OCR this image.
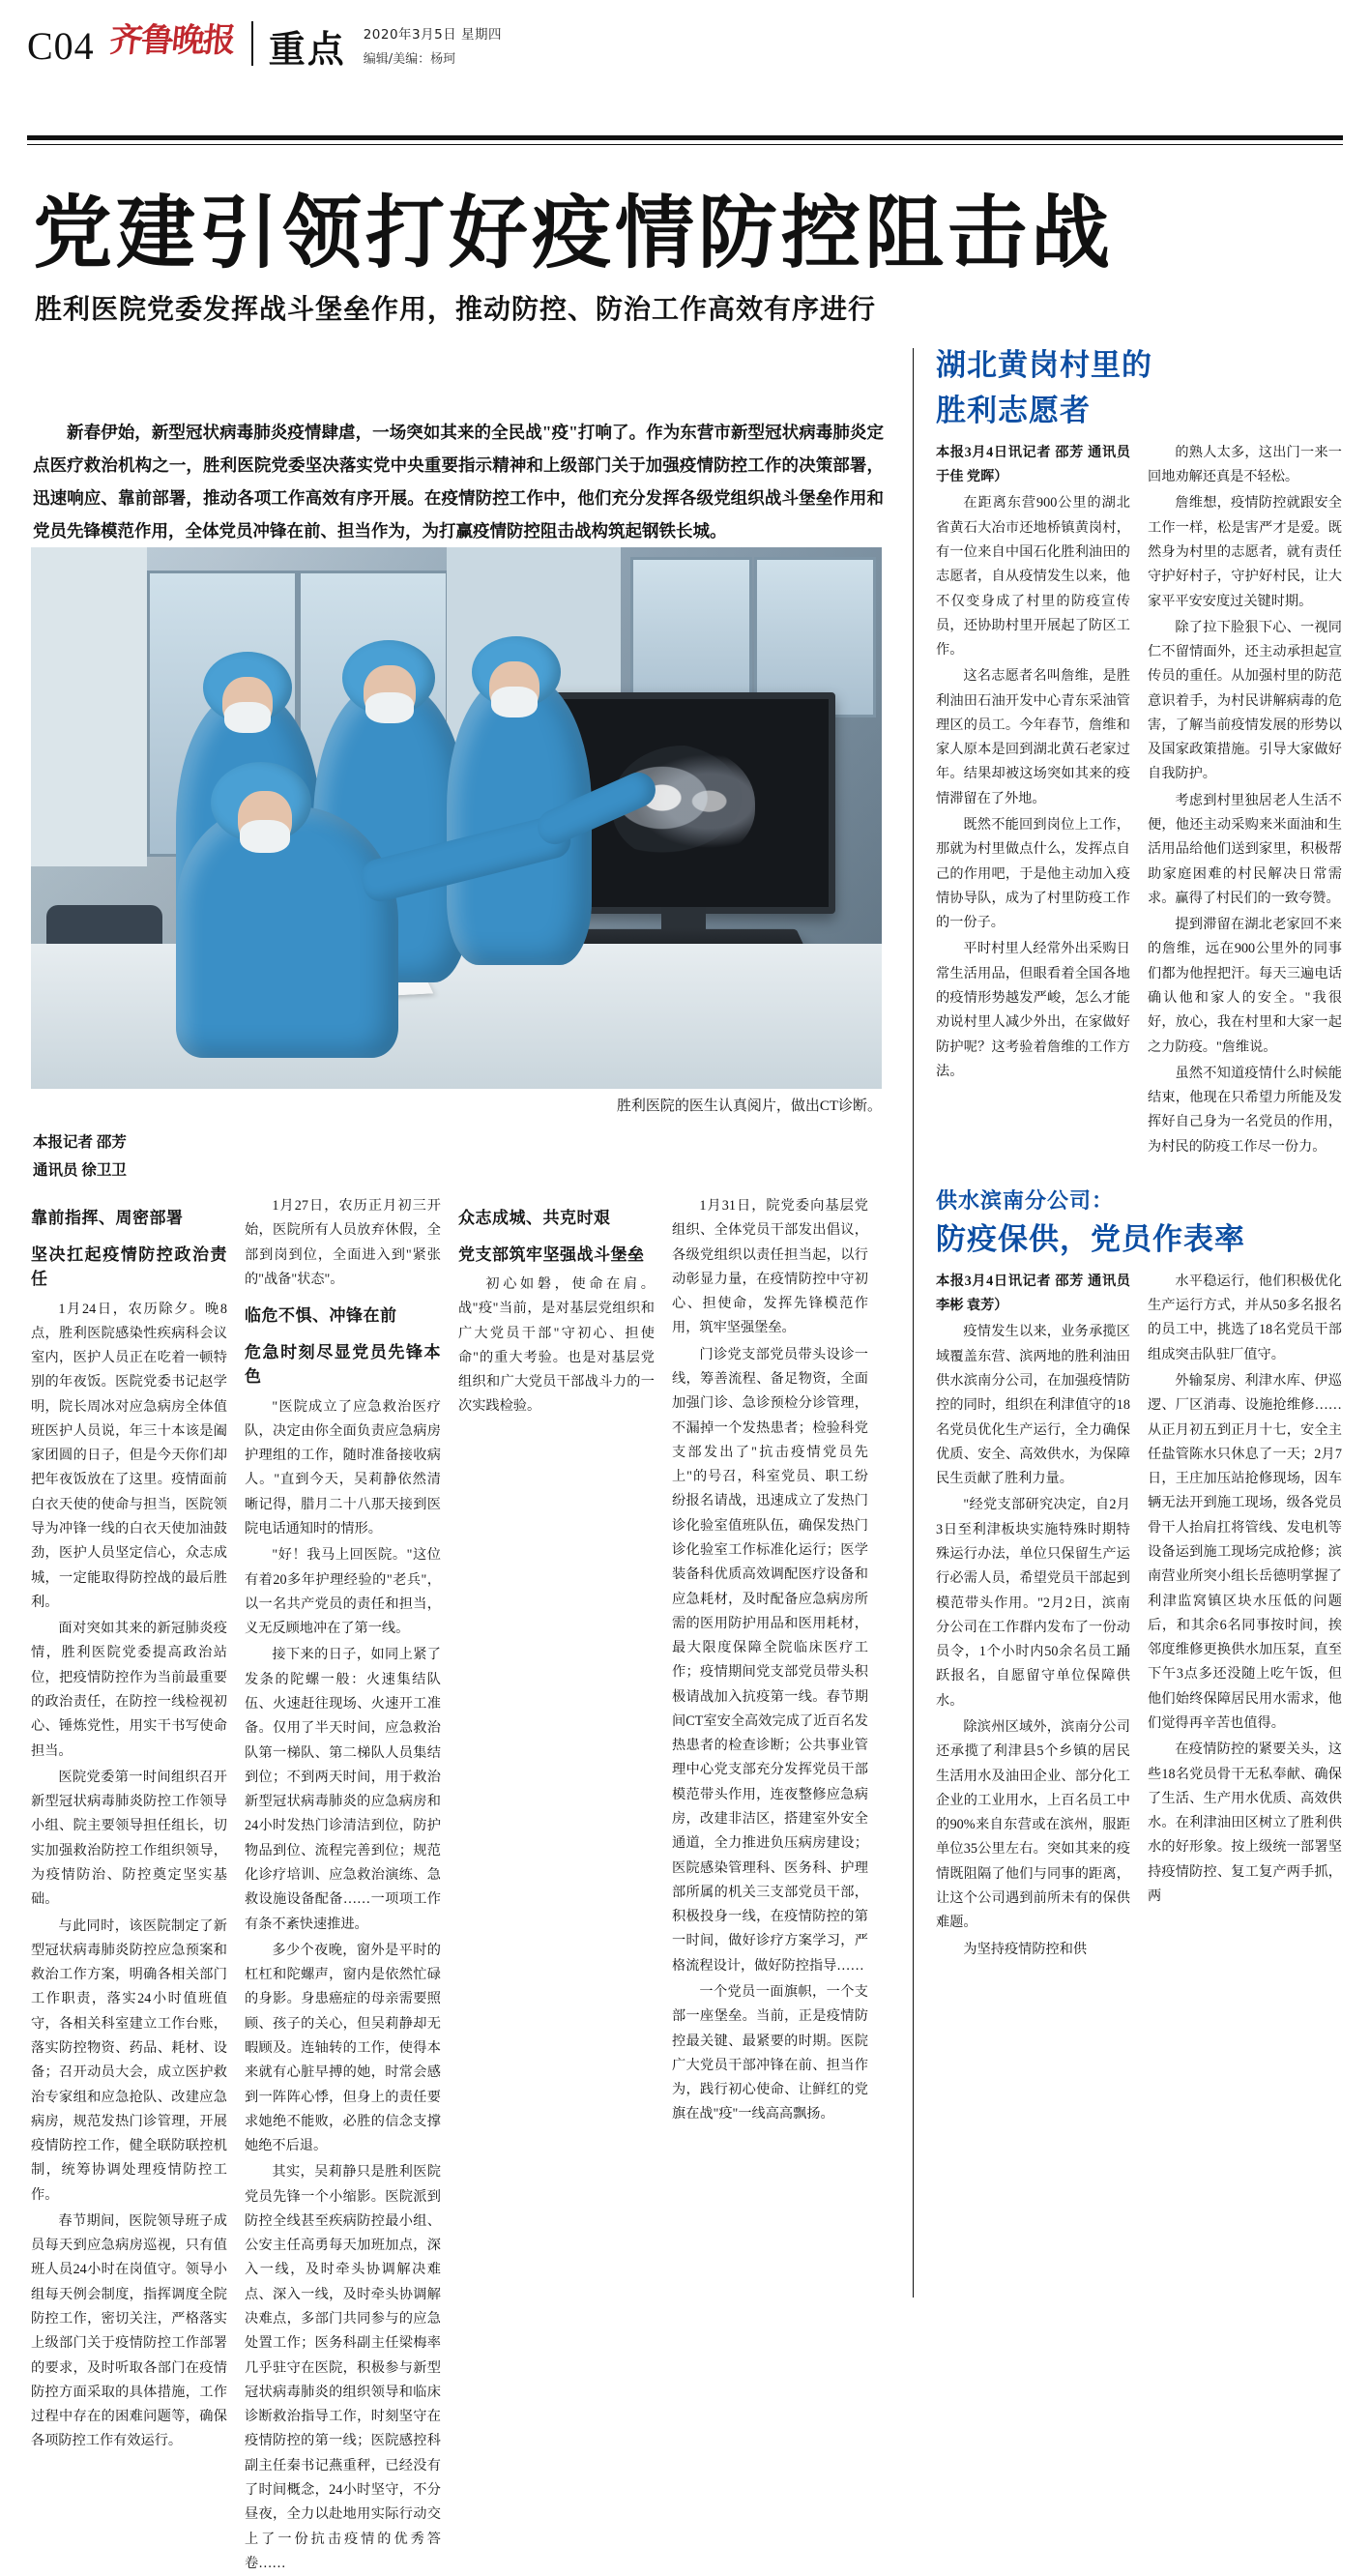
C04 齐鲁晚报 重点 2020年3月5日 星期四
编辑/美编：杨珂
党建引领打好疫情防控阻击战
胜利医院党委发挥战斗堡垒作用，推动防控、防治工作高效有序进行
新春伊始，新型冠状病毒肺炎疫情肆虐，一场突如其来的全民战"疫"打响了。作为东营市新型冠状病毒肺炎定点医疗救治机构之一，胜利医院党委坚决落实党中央重要指示精神和上级部门关于加强疫情防控工作的决策部署，迅速响应、靠前部署，推动各项工作高效有序开展。在疫情防控工作中，他们充分发挥各级党组织战斗堡垒作用和党员先锋模范作用，全体党员冲锋在前、担当作为，为打赢疫情防控阻击战构筑起钢铁长城。
胜利医院的医生认真阅片，做出CT诊断。
本报记者 邵芳
通讯员 徐卫卫
靠前指挥、周密部署
坚决扛起疫情防控政治责任

1月24日，农历除夕。晚8点，胜利医院感染性疾病科会议室内，医护人员正在吃着一顿特别的年夜饭。医院党委书记赵学明，院长周冰对应急病房全体值班医护人员说，年三十本该是阖家团圆的日子，但是今天你们却把年夜饭放在了这里。疫情面前白衣天使的使命与担当，医院领导为冲锋一线的白衣天使加油鼓劲，医护人员坚定信心，众志成城，一定能取得防控战的最后胜利。

面对突如其来的新冠肺炎疫情，胜利医院党委提高政治站位，把疫情防控作为当前最重要的政治责任，在防控一线检视初心、锤炼党性，用实干书写使命担当。

医院党委第一时间组织召开新型冠状病毒肺炎防控工作领导小组、院主要领导担任组长，切实加强救治防控工作组织领导，为疫情防治、防控奠定坚实基础。

与此同时，该医院制定了新型冠状病毒肺炎防控应急预案和救治工作方案，明确各相关部门工作职责，落实24小时值班值守，各相关科室建立工作台账，落实防控物资、药品、耗材、设备；召开动员大会，成立医护救治专家组和应急抢队、改建应急病房，规范发热门诊管理，开展疫情防控工作，健全联防联控机制，统筹协调处理疫情防控工作。

春节期间，医院领导班子成员每天到应急病房巡视，只有值班人员24小时在岗值守。领导小组每天例会制度，指挥调度全院防控工作，密切关注，严格落实上级部门关于疫情防控工作部署的要求，及时听取各部门在疫情防控方面采取的具体措施，工作过程中存在的困难问题等，确保各项防控工作有效运行。

1月27日，农历正月初三开始，医院所有人员放弃休假，全部到岗到位，全面进入到"紧张的"战备"状态"。

临危不惧、冲锋在前
危急时刻尽显党员先锋本色

"医院成立了应急救治医疗队，决定由你全面负责应急病房护理组的工作，随时准备接收病人。"直到今天，吴莉静依然清晰记得，腊月二十八那天接到医院电话通知时的情形。

"好！我马上回医院。"这位有着20多年护理经验的"老兵"，以一名共产党员的责任和担当，义无反顾地冲在了第一线。

接下来的日子，如同上紧了发条的陀螺一般：火速集结队伍、火速赶往现场、火速开工准备。仅用了半天时间，应急救治队第一梯队、第二梯队人员集结到位；不到两天时间，用于救治新型冠状病毒肺炎的应急病房和24小时发热门诊清洁到位，防护物品到位、流程完善到位；规范化诊疗培训、应急救治演练、急救设施设备配备……一项项工作有条不紊快速推进。

多少个夜晚，窗外是平时的杠杠和陀螺声，窗内是依然忙碌的身影。身患癌症的母亲需要照顾、孩子的关心，但吴莉静却无暇顾及。连轴转的工作，使得本来就有心脏早搏的她，时常会感到一阵阵心悸，但身上的责任要求她绝不能败，必胜的信念支撑她绝不后退。

其实，吴莉静只是胜利医院党员先锋一个小缩影。医院派到防控全线甚至疾病防控最小组、公安主任高勇每天加班加点，深入一线，及时牵头协调解决难点、深入一线，及时牵头协调解决难点，多部门共同参与的应急处置工作；医务科副主任梁梅率几乎驻守在医院，积极参与新型冠状病毒肺炎的组织领导和临床诊断救治指导工作，时刻坚守在疫情防控的第一线；医院感控科副主任秦书记燕重秤，已经没有了时间概念，24小时坚守，不分昼夜，全力以赴地用实际行动交上了一份抗击疫情的优秀答卷……

众志成城、共克时艰
党支部筑牢坚强战斗堡垒

初心如磐，使命在肩。战"疫"当前，是对基层党组织和广大党员干部"守初心、担使命"的重大考验。也是对基层党组织和广大党员干部战斗力的一次实践检验。

1月31日，院党委向基层党组织、全体党员干部发出倡议，各级党组织以责任担当起，以行动彰显力量，在疫情防控中守初心、担使命，发挥先锋模范作用，筑牢坚强堡垒。

门诊党支部党员带头设诊一线，筹善流程、备足物资，全面加强门诊、急诊预检分诊管理，不漏掉一个发热患者；检验科党支部发出了"抗击疫情党员先上"的号召，科室党员、职工纷纷报名请战，迅速成立了发热门诊化验室值班队伍，确保发热门诊化验室工作标准化运行；医学装备科优质高效调配医疗设备和应急耗材，及时配备应急病房所需的医用防护用品和医用耗材，最大限度保障全院临床医疗工作；疫情期间党支部党员带头积极请战加入抗疫第一线。春节期间CT室安全高效完成了近百名发热患者的检查诊断；公共事业管理中心党支部充分发挥党员干部模范带头作用，连夜整修应急病房，改建非洁区，搭建室外安全通道，全力推进负压病房建设；医院感染管理科、医务科、护理部所属的机关三支部党员干部，积极投身一线，在疫情防控的第一时间，做好诊疗方案学习，严格流程设计，做好防控指导……

一个党员一面旗帜，一个支部一座堡垒。当前，正是疫情防控最关键、最紧要的时期。医院广大党员干部冲锋在前、担当作为，践行初心使命、让鲜红的党旗在战"疫"一线高高飘扬。

湖北黄岗村里的
胜利志愿者

本报3月4日讯记者 邵芳 通讯员 于佳 党晖）

在距离东营900公里的湖北省黄石大冶市还地桥镇黄岗村，有一位来自中国石化胜利油田的志愿者，自从疫情发生以来，他不仅变身成了村里的防疫宣传员，还协助村里开展起了防区工作。

这名志愿者名叫詹维，是胜利油田石油开发中心青东采油管理区的员工。今年春节，詹维和家人原本是回到湖北黄石老家过年。结果却被这场突如其来的疫情滞留在了外地。

既然不能回到岗位上工作，那就为村里做点什么，发挥点自己的作用吧，于是他主动加入疫情协导队，成为了村里防疫工作的一份子。

平时村里人经常外出采购日常生活用品，但眼看着全国各地的疫情形势越发严峻，怎么才能劝说村里人减少外出，在家做好防护呢？这考验着詹维的工作方法。

的熟人太多，这出门一来一回地劝解还真是不轻松。

詹维想，疫情防控就跟安全工作一样，松是害严才是爱。既然身为村里的志愿者，就有责任守护好村子，守护好村民，让大家平平安安度过关键时期。

除了拉下脸狠下心、一视同仁不留情面外，还主动承担起宣传员的重任。从加强村里的防范意识着手，为村民讲解病毒的危害，了解当前疫情发展的形势以及国家政策措施。引导大家做好自我防护。

考虑到村里独居老人生活不便，他还主动采购来米面油和生活用品给他们送到家里，积极帮助家庭困难的村民解决日常需求。赢得了村民们的一致夸赞。

提到滞留在湖北老家回不来的詹维，远在900公里外的同事们都为他捏把汗。每天三遍电话确认他和家人的安全。"我很好，放心，我在村里和大家一起之力防疫。"詹维说。

虽然不知道疫情什么时候能结束，他现在只希望力所能及发挥好自己身为一名党员的作用，为村民的防疫工作尽一份力。

供水滨南分公司：
防疫保供，党员作表率

本报3月4日讯记者 邵芳 通讯员 李彬 袁芳）

疫情发生以来，业务承揽区域覆盖东营、滨两地的胜利油田供水滨南分公司，在加强疫情防控的同时，组织在利津值守的18名党员优化生产运行，全力确保优质、安全、高效供水，为保障民生贡献了胜利力量。

"经党支部研究决定，自2月3日至利津板块实施特殊时期特殊运行办法，单位只保留生产运行必需人员，希望党员干部起到模范带头作用。"2月2日，滨南分公司在工作群内发布了一份动员令，1个小时内50余名员工踊跃报名，自愿留守单位保障供水。

除滨州区域外，滨南分公司还承揽了利津县5个乡镇的居民生活用水及油田企业、部分化工企业的工业用水，上百名员工中的90%来自东营或在滨州，服距单位35公里左右。突如其来的疫情既阻隔了他们与同事的距离，让这个公司遇到前所未有的保供难题。

为坚持疫情防控和供

水平稳运行，他们积极优化生产运行方式，并从50多名报名的员工中，挑选了18名党员干部组成突击队驻厂值守。

外输泵房、利津水库、伊巡逻、厂区消毒、设施抢维修……从正月初五到正月十七，安全主任盐管陈水只休息了一天；2月7日，王庄加压站抢修现场，因车辆无法开到施工现场，级各党员骨干人抬肩扛将管线、发电机等设备运到施工现场完成抢修；滨南营业所突小组长岳德明掌握了利津监窝镇区块水压低的问题后，和其余6名同事按时间，挨邻度维修更换供水加压泵，直至下午3点多还没随上吃午饭，但他们始终保障居民用水需求，他们觉得再辛苦也值得。

在疫情防控的紧要关头，这些18名党员骨干无私奉献、确保了生活、生产用水优质、高效供水。在利津油田区树立了胜利供水的好形象。按上级统一部署坚持疫情防控、复工复产两手抓，两
